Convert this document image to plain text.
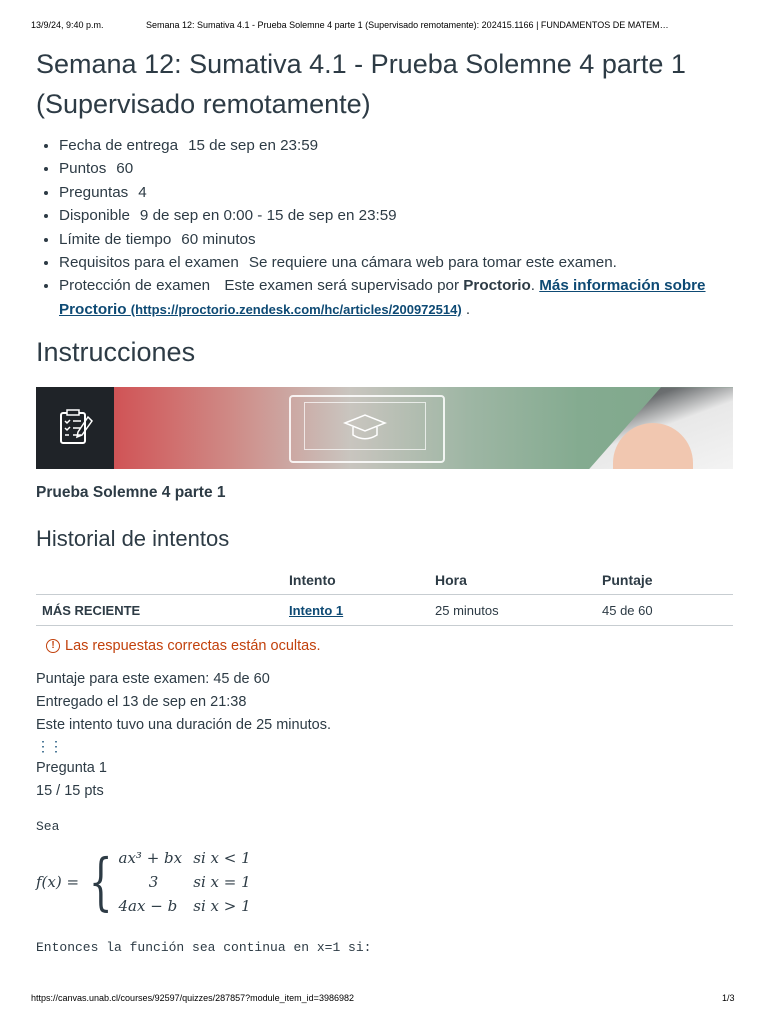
13/9/24, 9:40 p.m.	Semana 12: Sumativa 4.1 - Prueba Solemne 4 parte 1 (Supervisado remotamente): 202415.1166 | FUNDAMENTOS DE MATEM…
Semana 12: Sumativa 4.1 - Prueba Solemne 4 parte 1 (Supervisado remotamente)
• Fecha de entrega 15 de sep en 23:59
• Puntos 60
• Preguntas 4
• Disponible 9 de sep en 0:00 - 15 de sep en 23:59
• Límite de tiempo 60 minutos
• Requisitos para el examen Se requiere una cámara web para tomar este examen.
• Protección de examen Este examen será supervisado por Proctorio. Más información sobre Proctorio (https://proctorio.zendesk.com/hc/articles/200972514) .
Instrucciones
Prueba Solemne 4 parte 1
Historial de intentos
	Intento	Hora	Puntaje
MÁS RECIENTE	Intento 1	25 minutos	45 de 60
! Las respuestas correctas están ocultas.
Puntaje para este examen: 45 de 60
Entregado el 13 de sep en 21:38
Este intento tuvo una duración de 25 minutos.
⋮⋮
Pregunta 1
15 / 15 pts
Sea
f(x) = { ax³ + bx si x < 1
3 si x = 1
4ax − b si x > 1
Entonces la función sea continua en x=1 si:
https://canvas.unab.cl/courses/92597/quizzes/287857?module_item_id=3986982	1/3
